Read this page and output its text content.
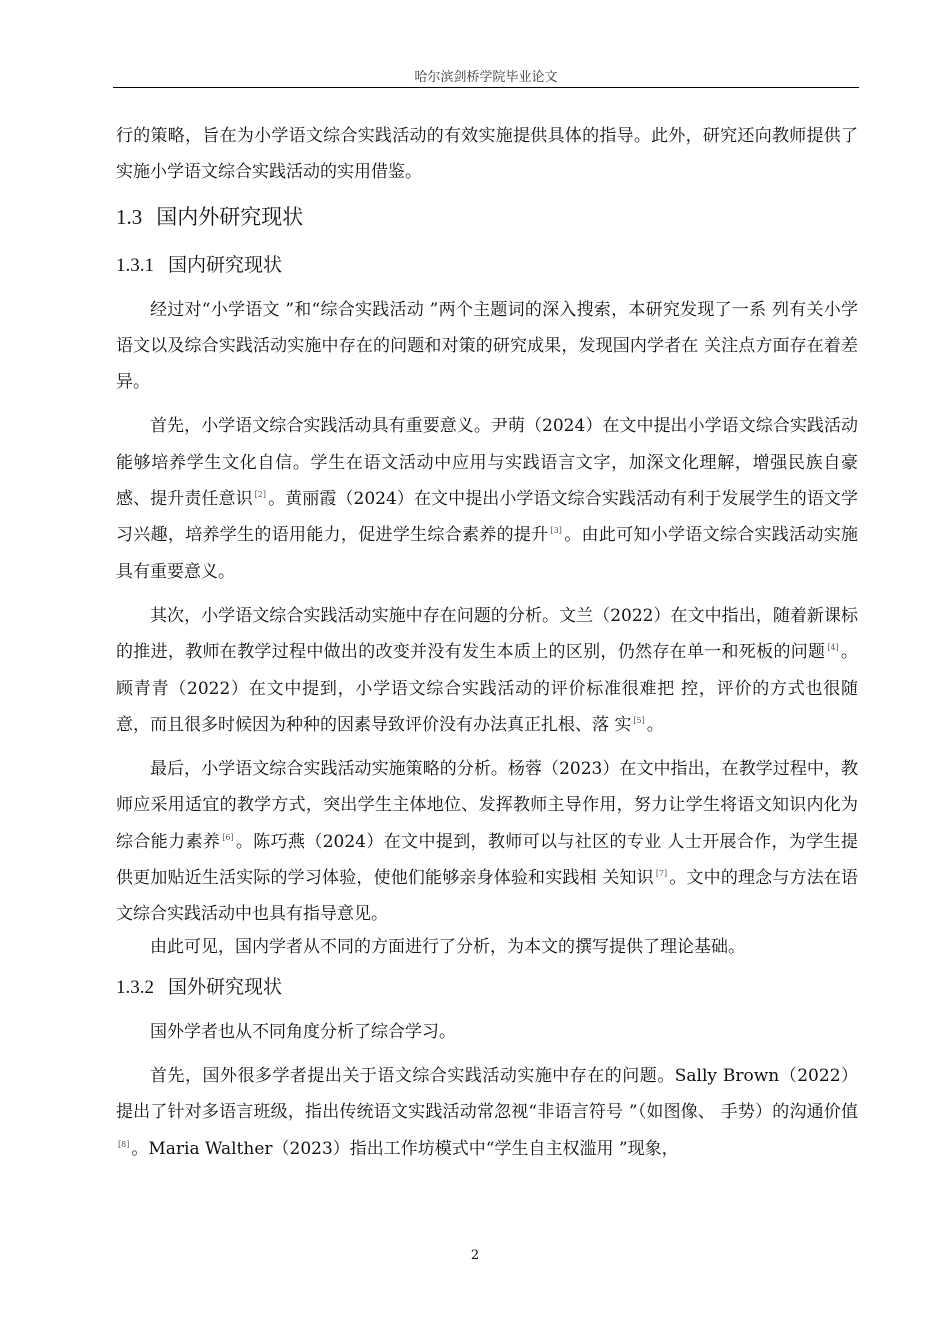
哈尔滨剑桥学院毕业论文

行的策略，旨在为小学语文综合实践活动的有效实施提供具体的指导。此外，研究还向教师提供了实施小学语文综合实践活动的实用借鉴。

1.3 国内外研究现状
1.3.1 国内研究现状

经过对“小学语文 ”和“综合实践活动 ”两个主题词的深入搜索，本研究发现了一系 列有关小学语文以及综合实践活动实施中存在的问题和对策的研究成果，发现国内学者在 关注点方面存在着差异。

首先，小学语文综合实践活动具有重要意义。尹萌（2024）在文中提出小学语文综合实践活动能够培养学生文化自信。学生在语文活动中应用与实践语言文字，加深文化理解，增强民族自豪感、提升责任意识 [2] 。黄丽霞（2024）在文中提出小学语文综合实践活动有利于发展学生的语文学习兴趣，培养学生的语用能力，促进学生综合素养的提升 [3] 。由此可知小学语文综合实践活动实施具有重要意义。

其次，小学语文综合实践活动实施中存在问题的分析。文兰（2022）在文中指出，随着新课标的推进，教师在教学过程中做出的改变并没有发生本质上的区别，仍然存在单一和死板的问题 [4] 。顾青青（2022）在文中提到，小学语文综合实践活动的评价标准很难把 控，评价的方式也很随意，而且很多时候因为种种的因素导致评价没有办法真正扎根、落 实 [5] 。

最后，小学语文综合实践活动实施策略的分析。杨蓉（2023）在文中指出，在教学过程中，教师应采用适宜的教学方式，突出学生主体地位、发挥教师主导作用，努力让学生将语文知识内化为综合能力素养 [6] 。陈巧燕（2024）在文中提到，教师可以与社区的专业 人士开展合作，为学生提供更加贴近生活实际的学习体验，使他们能够亲身体验和实践相 关知识 [7] 。文中的理念与方法在语文综合实践活动中也具有指导意见。

由此可见，国内学者从不同的方面进行了分析，为本文的撰写提供了理论基础。

1.3.2 国外研究现状

国外学者也从不同角度分析了综合学习。

首先，国外很多学者提出关于语文综合实践活动实施中存在的问题。Sally Brown（2022）提出了针对多语言班级，指出传统语文实践活动常忽视“非语言符号 ”（如图像、 手势）的沟通价值[8] 。Maria Walther（2023）指出工作坊模式中“学生自主权滥用 ”现象，

2
